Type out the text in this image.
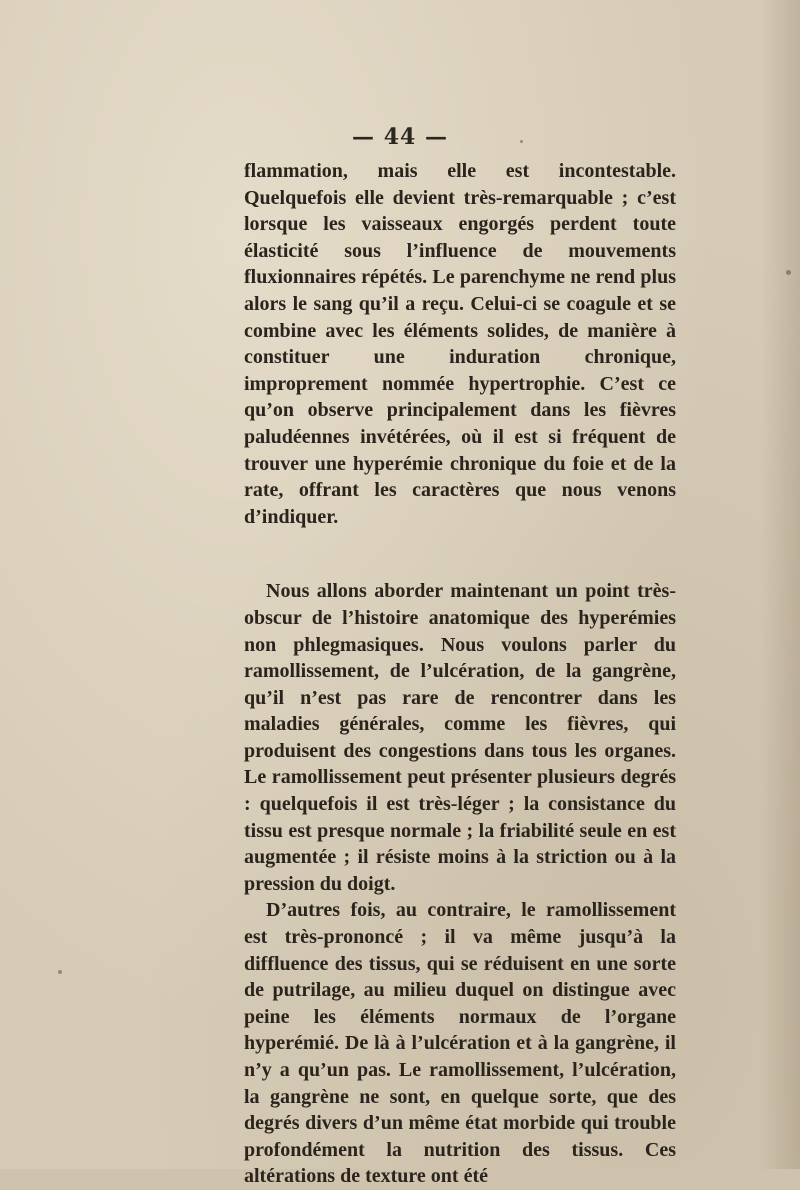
— 44 —

flammation, mais elle est incontestable. Quelquefois elle devient très-remarquable ; c’est lorsque les vaisseaux engorgés perdent toute élasticité sous l’influence de mouvements fluxionnaires répétés. Le parenchyme ne rend plus alors le sang qu’il a reçu. Celui-ci se coagule et se combine avec les éléments solides, de manière à constituer une induration chronique, improprement nommée hypertrophie. C’est ce qu’on observe principalement dans les fièvres paludéennes invétérées, où il est si fréquent de trouver une hyperémie chronique du foie et de la rate, offrant les caractères que nous venons d’indiquer.

Nous allons aborder maintenant un point très-obscur de l’histoire anatomique des hyperémies non phlegmasiques. Nous voulons parler du ramollissement, de l’ulcération, de la gangrène, qu’il n’est pas rare de rencontrer dans les maladies générales, comme les fièvres, qui produisent des congestions dans tous les organes. Le ramollissement peut présenter plusieurs degrés : quelquefois il est très-léger ; la consistance du tissu est presque normale ; la friabilité seule en est augmentée ; il résiste moins à la striction ou à la pression du doigt.

D’autres fois, au contraire, le ramollissement est très-prononcé ; il va même jusqu’à la diffluence des tissus, qui se réduisent en une sorte de putrilage, au milieu duquel on distingue avec peine les éléments normaux de l’organe hyperémié. De là à l’ulcération et à la gangrène, il n’y a qu’un pas. Le ramollissement, l’ulcération, la gangrène ne sont, en quelque sorte, que des degrés divers d’un même état morbide qui trouble profondément la nutrition des tissus. Ces altérations de texture ont été
